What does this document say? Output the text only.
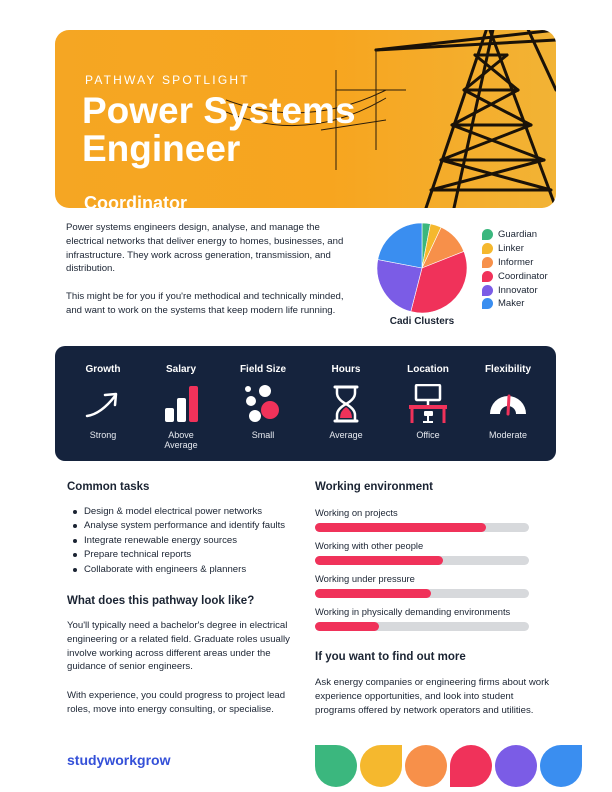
PATHWAY SPOTLIGHT
Power Systems Engineer
Coordinator

Power systems engineers design, analyse, and manage the electrical networks that deliver energy to homes, businesses, and infrastructure. They work across generation, transmission, and distribution.

This might be for you if you're methodical and technically minded, and want to work on the systems that keep modern life running.

Cadi Clusters
Guardian
Linker
Informer
Coordinator
Innovator
Maker
Growth
Strong
Salary
Above Average
Field Size
Small
Hours
Average
Location
Office
Flexibility
Moderate
Common tasks
Design & model electrical power networks
Analyse system performance and identify faults
Integrate renewable energy sources
Prepare technical reports
Collaborate with engineers & planners
What does this pathway look like?
You'll typically need a bachelor's degree in electrical engineering or a related field. Graduate roles usually involve working across different areas under the guidance of senior engineers.
With experience, you could progress to project lead roles, move into energy consulting, or specialise.
Working environment
Working on projects
Working with other people
Working under pressure
Working in physically demanding environments
If you want to find out more
Ask energy companies or engineering firms about work experience opportunities, and look into student programs offered by network operators and utilities.
studyworkgrow
